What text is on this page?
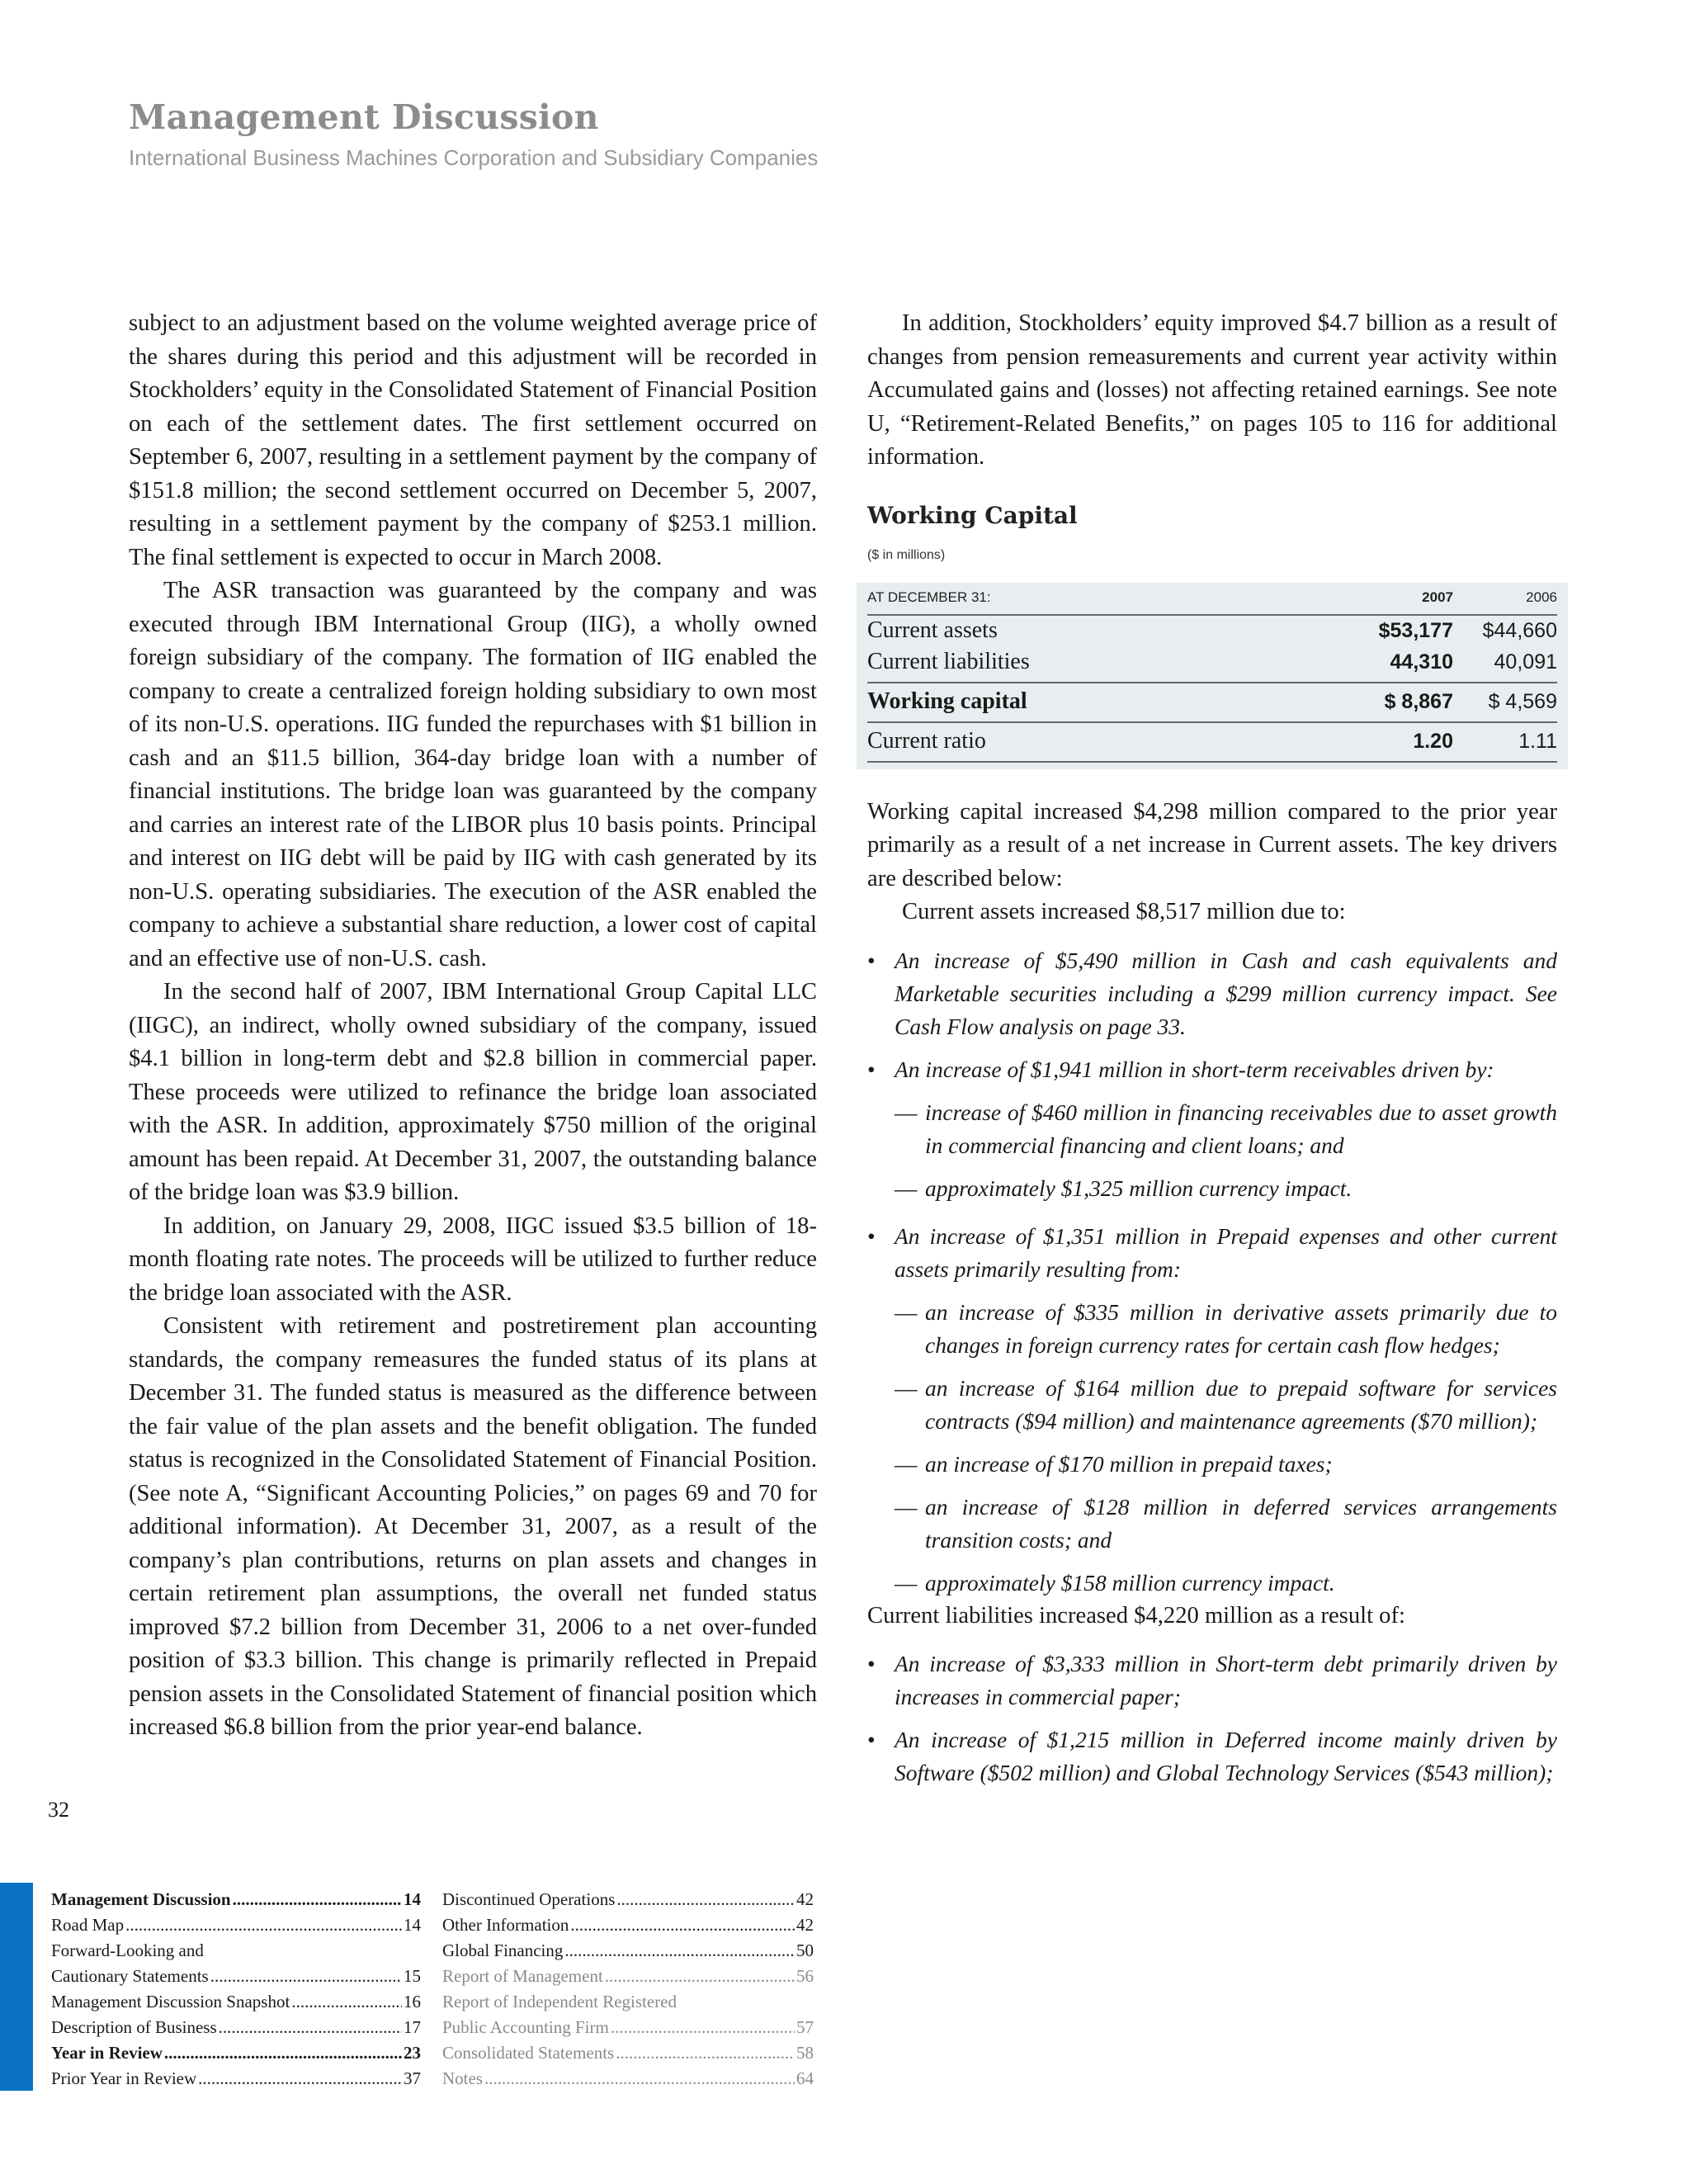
Management Discussion
International Business Machines Corporation and Subsidiary Companies

subject to an adjustment based on the volume weighted average price of the shares during this period and this adjustment will be recorded in Stockholders’ equity in the Consolidated Statement of Financial Position on each of the settlement dates. The first settlement occurred on September 6, 2007, resulting in a settlement payment by the company of $151.8 million; the second settlement occurred on December 5, 2007, resulting in a settlement payment by the company of $253.1 million. The final settlement is expected to occur in March 2008.

The ASR transaction was guaranteed by the company and was executed through IBM International Group (IIG), a wholly owned foreign subsidiary of the company. The formation of IIG enabled the company to create a centralized foreign holding subsidiary to own most of its non-U.S. operations. IIG funded the repurchases with $1 billion in cash and an $11.5 billion, 364-day bridge loan with a number of financial institutions. The bridge loan was guaranteed by the company and carries an interest rate of the LIBOR plus 10 basis points. Principal and interest on IIG debt will be paid by IIG with cash generated by its non-U.S. operating subsidiaries. The execution of the ASR enabled the company to achieve a substantial share reduction, a lower cost of capital and an effective use of non-U.S. cash.

In the second half of 2007, IBM International Group Capital LLC (IIGC), an indirect, wholly owned subsidiary of the company, issued $4.1 billion in long-term debt and $2.8 billion in commercial paper. These proceeds were utilized to refinance the bridge loan associated with the ASR. In addition, approximately $750 million of the original amount has been repaid. At December 31, 2007, the outstanding balance of the bridge loan was $3.9 billion.

In addition, on January 29, 2008, IIGC issued $3.5 billion of 18-month floating rate notes. The proceeds will be utilized to further reduce the bridge loan associated with the ASR.

Consistent with retirement and postretirement plan accounting standards, the company remeasures the funded status of its plans at December 31. The funded status is measured as the difference between the fair value of the plan assets and the benefit obligation. The funded status is recognized in the Consolidated Statement of Financial Position. (See note A, “Significant Accounting Policies,” on pages 69 and 70 for additional information). At December 31, 2007, as a result of the company’s plan contributions, returns on plan assets and changes in certain retirement plan assumptions, the overall net funded status improved $7.2 billion from December 31, 2006 to a net over-funded position of $3.3 billion. This change is primarily reflected in Prepaid pension assets in the Consolidated Statement of financial position which increased $6.8 billion from the prior year-end balance.

In addition, Stockholders’ equity improved $4.7 billion as a result of changes from pension remeasurements and current year activity within Accumulated gains and (losses) not affecting retained earnings. See note U, “Retirement-Related Benefits,” on pages 105 to 116 for additional information.

Working Capital
($ in millions)
AT DECEMBER 31:	2007	2006
Current assets	$53,177	$44,660
Current liabilities	44,310	40,091
Working capital	$ 8,867	$ 4,569
Current ratio	1.20	1.11

Working capital increased $4,298 million compared to the prior year primarily as a result of a net increase in Current assets. The key drivers are described below:

Current assets increased $8,517 million due to:

• An increase of $5,490 million in Cash and cash equivalents and Marketable securities including a $299 million currency impact. See Cash Flow analysis on page 33.
• An increase of $1,941 million in short-term receivables driven by:
— increase of $460 million in financing receivables due to asset growth in commercial financing and client loans; and
— approximately $1,325 million currency impact.
• An increase of $1,351 million in Prepaid expenses and other current assets primarily resulting from:
— an increase of $335 million in derivative assets primarily due to changes in foreign currency rates for certain cash flow hedges;
— an increase of $164 million due to prepaid software for services contracts ($94 million) and maintenance agreements ($70 million);
— an increase of $170 million in prepaid taxes;
— an increase of $128 million in deferred services arrangements transition costs; and
— approximately $158 million currency impact.

Current liabilities increased $4,220 million as a result of:

• An increase of $3,333 million in Short-term debt primarily driven by increases in commercial paper;
• An increase of $1,215 million in Deferred income mainly driven by Software ($502 million) and Global Technology Services ($543 million);
32
Management Discussion .....	14
Road Map .....	14
Forward-Looking and
Cautionary Statements .....	15
Management Discussion Snapshot .....	16
Description of Business .....	17
Year in Review .....	23
Prior Year in Review .....	37
Discontinued Operations .....	42
Other Information .....	42
Global Financing .....	50
Report of Management .....	56
Report of Independent Registered
Public Accounting Firm .....	57
Consolidated Statements .....	58
Notes .....	64
